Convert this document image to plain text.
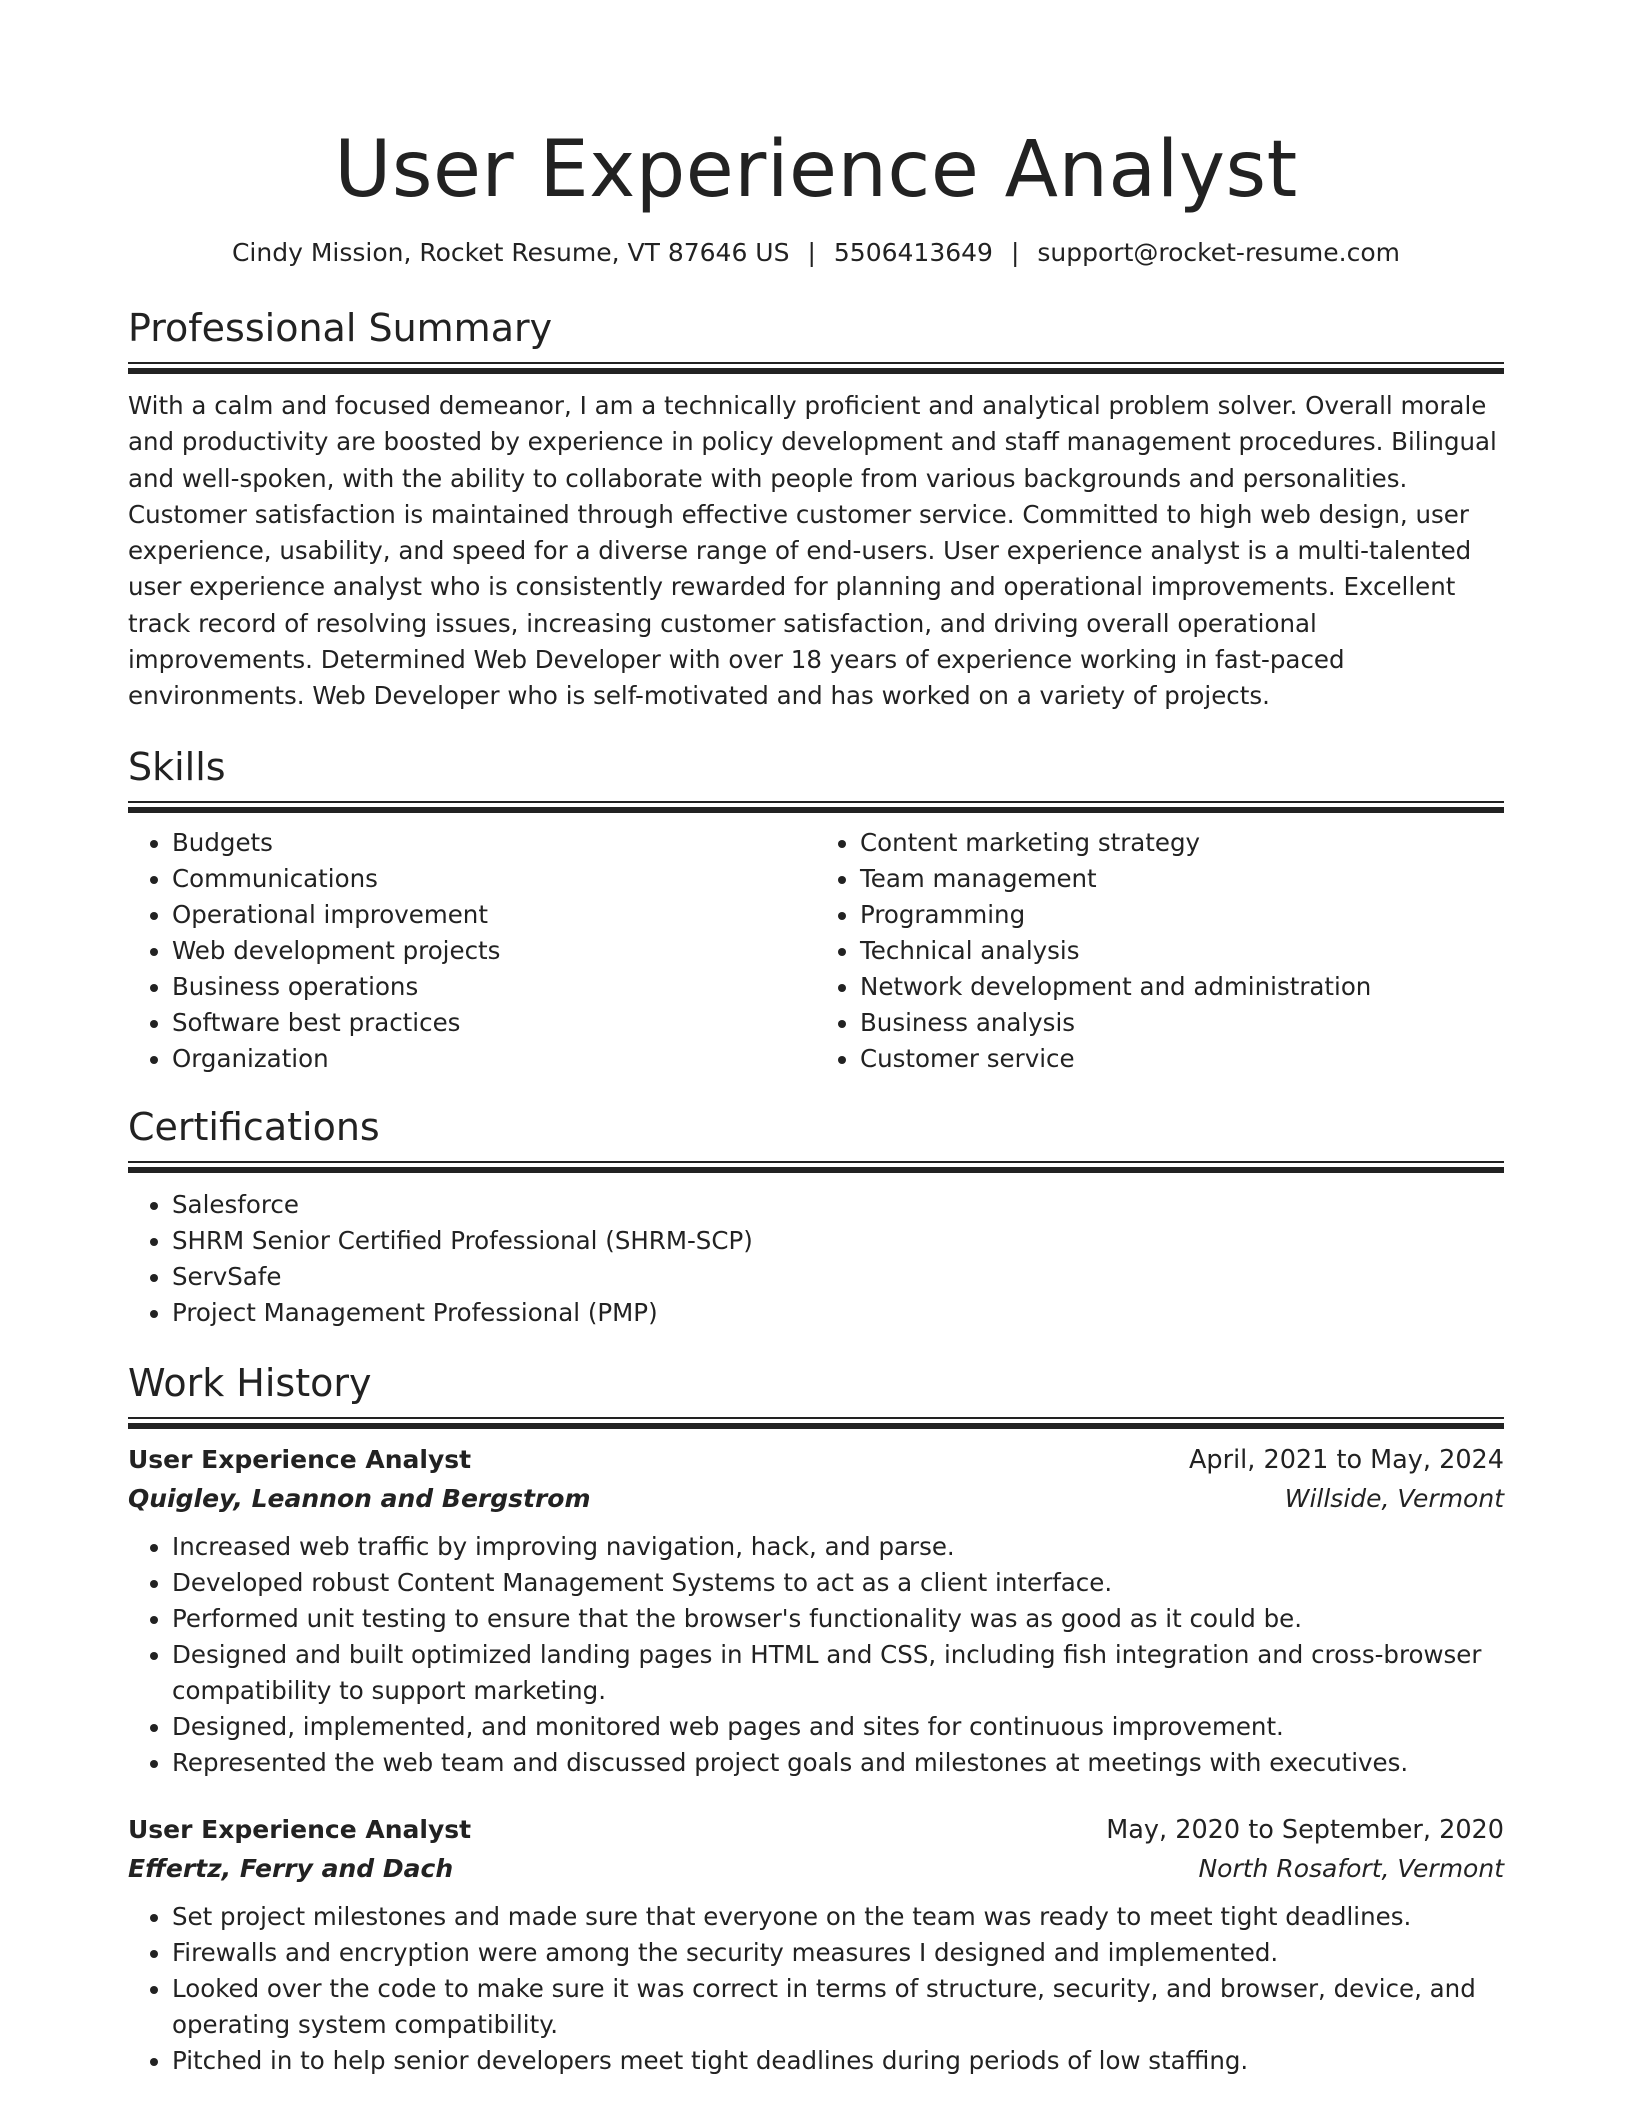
User Experience Analyst
Cindy Mission, Rocket Resume, VT 87646 US | 5506413649 | support@rocket-resume.com
Professional Summary

With a calm and focused demeanor, I am a technically proficient and analytical problem solver. Overall morale and productivity are boosted by experience in policy development and staff management procedures. Bilingual and well-spoken, with the ability to collaborate with people from various backgrounds and personalities. Customer satisfaction is maintained through effective customer service. Committed to high web design, user experience, usability, and speed for a diverse range of end-users. User experience analyst is a multi-talented user experience analyst who is consistently rewarded for planning and operational improvements. Excellent track record of resolving issues, increasing customer satisfaction, and driving overall operational improvements. Determined Web Developer with over 18 years of experience working in fast-paced environments. Web Developer who is self-motivated and has worked on a variety of projects.

Skills
• Budgets
• Communications
• Operational improvement
• Web development projects
• Business operations
• Software best practices
• Organization
• Content marketing strategy
• Team management
• Programming
• Technical analysis
• Network development and administration
• Business analysis
• Customer service
Certifications
• Salesforce
• SHRM Senior Certified Professional (SHRM-SCP)
• ServSafe
• Project Management Professional (PMP)
Work History
User Experience Analyst	April, 2021 to May, 2024
Quigley, Leannon and Bergstrom	Willside, Vermont
• Increased web traffic by improving navigation, hack, and parse.
• Developed robust Content Management Systems to act as a client interface.
• Performed unit testing to ensure that the browser's functionality was as good as it could be.
• Designed and built optimized landing pages in HTML and CSS, including fish integration and cross-browser compatibility to support marketing.
• Designed, implemented, and monitored web pages and sites for continuous improvement.
• Represented the web team and discussed project goals and milestones at meetings with executives.
User Experience Analyst	May, 2020 to September, 2020
Effertz, Ferry and Dach	North Rosafort, Vermont
• Set project milestones and made sure that everyone on the team was ready to meet tight deadlines.
• Firewalls and encryption were among the security measures I designed and implemented.
• Looked over the code to make sure it was correct in terms of structure, security, and browser, device, and operating system compatibility.
• Pitched in to help senior developers meet tight deadlines during periods of low staffing.
